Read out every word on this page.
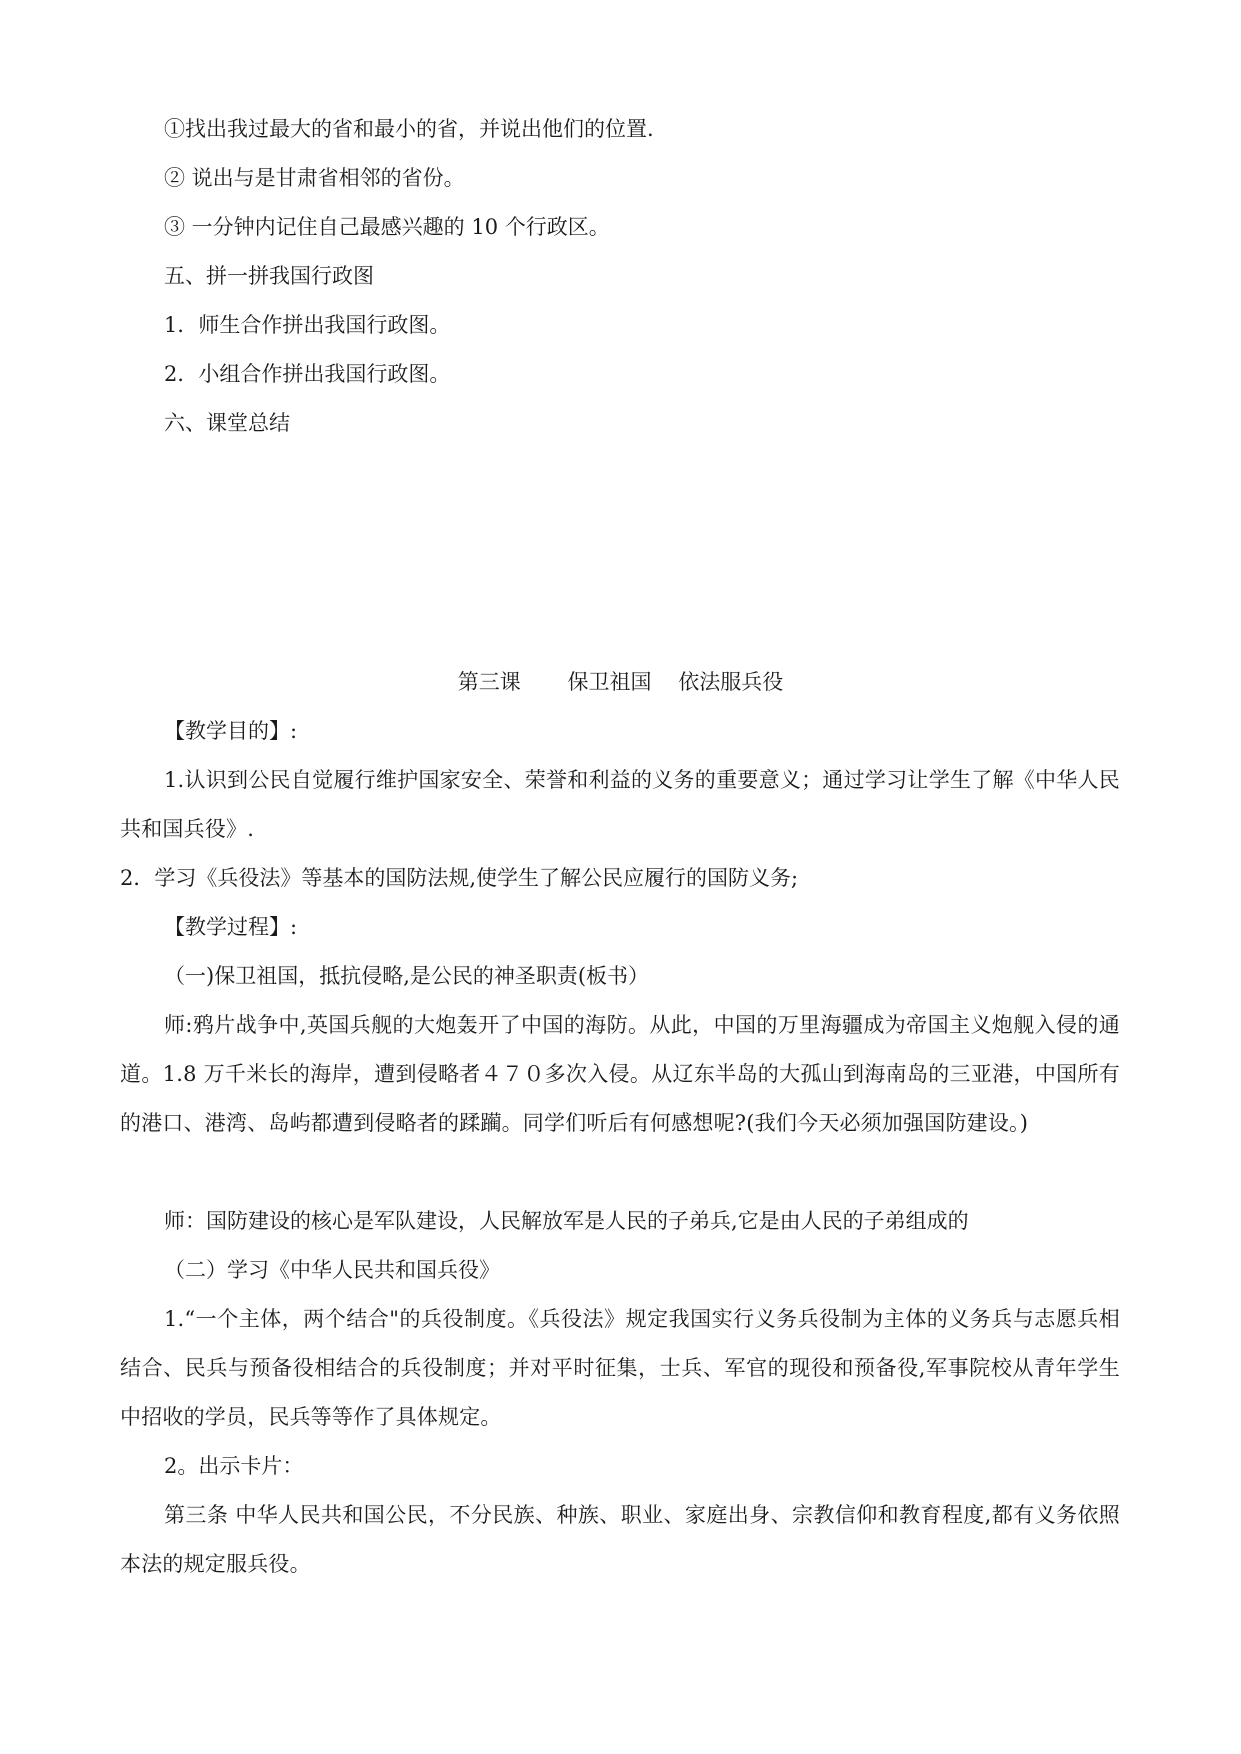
①找出我过最大的省和最小的省，并说出他们的位置.

② 说出与是甘肃省相邻的省份。

③ 一分钟内记住自己最感兴趣的 10 个行政区。

五、拼一拼我国行政图

1．师生合作拼出我国行政图。

2．小组合作拼出我国行政图。

六、课堂总结

第三课       保卫祖国    依法服兵役

【教学目的】:

1.认识到公民自觉履行维护国家安全、荣誉和利益的义务的重要意义；通过学习让学生了解《中华人民共和国兵役》.

2．学习《兵役法》等基本的国防法规,使学生了解公民应履行的国防义务;

【教学过程】:

（一)保卫祖国，抵抗侵略,是公民的神圣职责(板书）

师:鸦片战争中,英国兵舰的大炮轰开了中国的海防。从此，中国的万里海疆成为帝国主义炮舰入侵的通道。1.8 万千米长的海岸，遭到侵略者４７０多次入侵。从辽东半岛的大孤山到海南岛的三亚港，中国所有的港口、港湾、岛屿都遭到侵略者的蹂躏。同学们听后有何感想呢?(我们今天必须加强国防建设。)

师：国防建设的核心是军队建设，人民解放军是人民的子弟兵,它是由人民的子弟组成的

（二）学习《中华人民共和国兵役》

1.“一个主体，两个结合"的兵役制度。《兵役法》规定我国实行义务兵役制为主体的义务兵与志愿兵相结合、民兵与预备役相结合的兵役制度；并对平时征集，士兵、军官的现役和预备役,军事院校从青年学生中招收的学员，民兵等等作了具体规定。

2。出示卡片：

第三条 中华人民共和国公民，不分民族、种族、职业、家庭出身、宗教信仰和教育程度,都有义务依照本法的规定服兵役。
